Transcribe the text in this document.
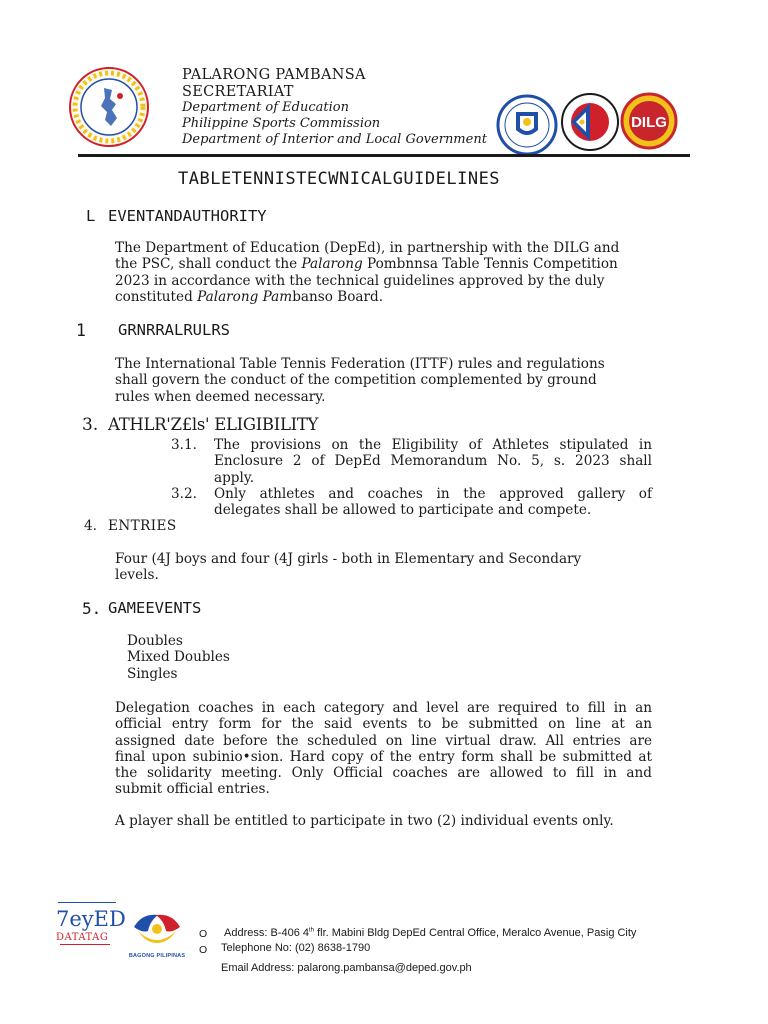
PALARONG PAMBANSA
SECRETARIAT
Department of Education
Philippine Sports Commission
Department of Interior and Local Government
DILG
TABLETENNISTECWNICALGUIDELINES
L EVENTANDAUTHORITY
The Department of Education (DepEd), in partnership with the DILG and
the PSC, shall conduct the Palarong Pombnnsa Table Tennis Competition
2023 in accordance with the technical guidelines approved by the duly
constituted Palarong Pambanso Board.
1 GRNRRALRULRS
The International Table Tennis Federation (ITTF) rules and regulations
shall govern the conduct of the competition complemented by ground
rules when deemed necessary.
3. ATHLR'Z£ls' ELIGIBILITY
3.1. The provisions on the Eligibility of Athletes stipulated in
Enclosure 2 of DepEd Memorandum No. 5, s. 2023 shall
apply.
3.2. Only athletes and coaches in the approved gallery of
delegates shall be allowed to participate and compete.
4. ENTRIES
Four (4J boys and four (4J girls - both in Elementary and Secondary
levels.
5. GAMEEVENTS
Doubles
Mixed Doubles
Singles
Delegation coaches in each category and level are required to fill in an
official entry form for the said events to be submitted on line at an
assigned date before the scheduled on line virtual draw. All entries are
final upon subinio•sion. Hard copy of the entry form shall be submitted at
the solidarity meeting. Only Official coaches are allowed to fill in and
submit official entries.
A player shall be entitled to participate in two (2) individual events only.
7eyED
DATATAG
BAGONG PILIPINAS
O Address: B-406 4th flr. Mabini Bldg DepEd Central Office, Meralco Avenue, Pasig City
O Telephone No: (02) 8638-1790
Email Address: palarong.pambansa@deped.gov.ph
